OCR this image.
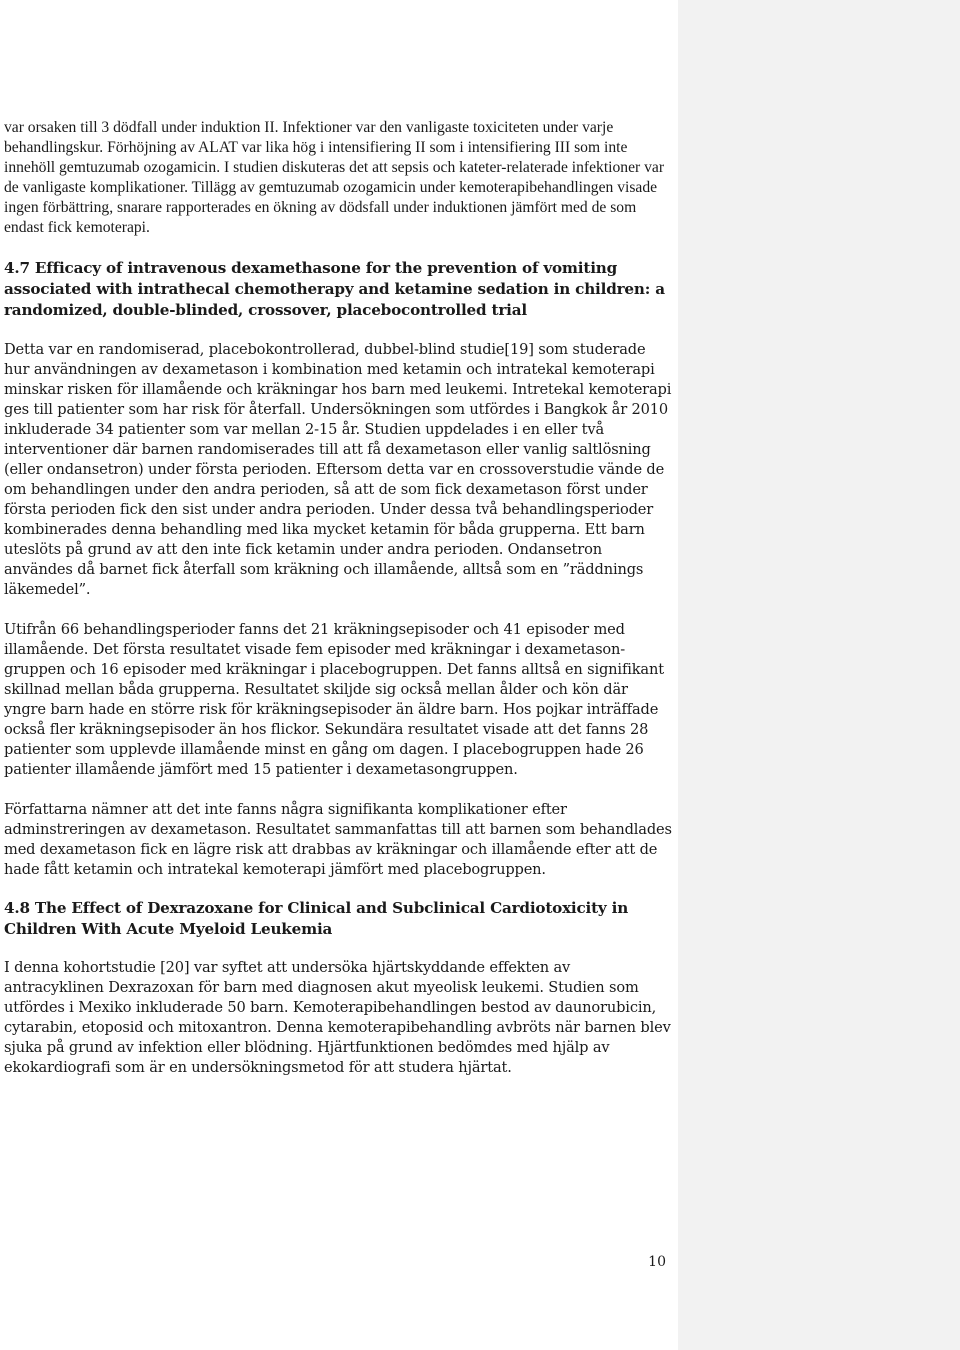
var orsaken till 3 dödfall under induktion II. Infektioner var den vanligaste toxiciteten under varje behandlingskur. Förhöjning av ALAT var lika hög i intensifiering II som i intensifiering III som inte innehöll gemtuzumab ozogamicin. I studien diskuteras det att sepsis och kateter-relaterade infektioner var de vanligaste komplikationer. Tillägg av gemtuzumab ozogamicin under kemoterapibehandlingen visade ingen förbättring, snarare rapporterades en ökning av dödsfall under induktionen jämfört med de som endast fick kemoterapi.

4.7 Efficacy of intravenous dexamethasone for the prevention of vomiting associated with intrathecal chemotherapy and ketamine sedation in children: a randomized, double-blinded, crossover, placebocontrolled trial

Detta var en randomiserad, placebokontrollerad, dubbel-blind studie[19] som studerade hur användningen av dexametason i kombination med ketamin och intratekal kemoterapi minskar risken för illamående och kräkningar hos barn med leukemi. Intretekal kemoterapi ges till patienter som har risk för återfall. Undersökningen som utfördes i Bangkok år 2010 inkluderade 34 patienter som var mellan 2-15 år. Studien uppdelades i en eller två interventioner där barnen randomiserades till att få dexametason eller vanlig saltlösning (eller ondansetron) under första perioden. Eftersom detta var en crossoverstudie vände de om behandlingen under den andra perioden, så att de som fick dexametason först under första perioden fick den sist under andra perioden. Under dessa två behandlingsperioder kombinerades denna behandling med lika mycket ketamin för båda grupperna. Ett barn uteslöts på grund av att den inte fick ketamin under andra perioden. Ondansetron användes då barnet fick återfall som kräkning och illamående, alltså som en ”räddnings läkemedel”.

Utifrån 66 behandlingsperioder fanns det 21 kräkningsepisoder och 41 episoder med illamående. Det första resultatet visade fem episoder med kräkningar i dexametason-gruppen och 16 episoder med kräkningar i placebogruppen. Det fanns alltså en signifikant skillnad mellan båda grupperna. Resultatet skiljde sig också mellan ålder och kön där yngre barn hade en större risk för kräkningsepisoder än äldre barn. Hos pojkar inträffade också fler kräkningsepisoder än hos flickor. Sekundära resultatet visade att det fanns 28 patienter som upplevde illamående minst en gång om dagen. I placebogruppen hade 26 patienter illamående jämfört med 15 patienter i dexametasongruppen.

Författarna nämner att det inte fanns några signifikanta komplikationer efter adminstreringen av dexametason. Resultatet sammanfattas till att barnen som behandlades med dexametason fick en lägre risk att drabbas av kräkningar och illamående efter att de hade fått ketamin och intratekal kemoterapi jämfört med placebogruppen.

4.8 The Effect of Dexrazoxane for Clinical and Subclinical Cardiotoxicity in Children With Acute Myeloid Leukemia

I denna kohortstudie [20] var syftet att undersöka hjärtskyddande effekten av antracyklinen Dexrazoxan för barn med diagnosen akut myeolisk leukemi. Studien som utfördes i Mexiko inkluderade 50 barn. Kemoterapibehandlingen bestod av daunorubicin, cytarabin, etoposid och mitoxantron. Denna kemoterapibehandling avbröts när barnen blev sjuka på grund av infektion eller blödning. Hjärtfunktionen bedömdes med hjälp av ekokardiografi som är en undersökningsmetod för att studera hjärtat.

10
